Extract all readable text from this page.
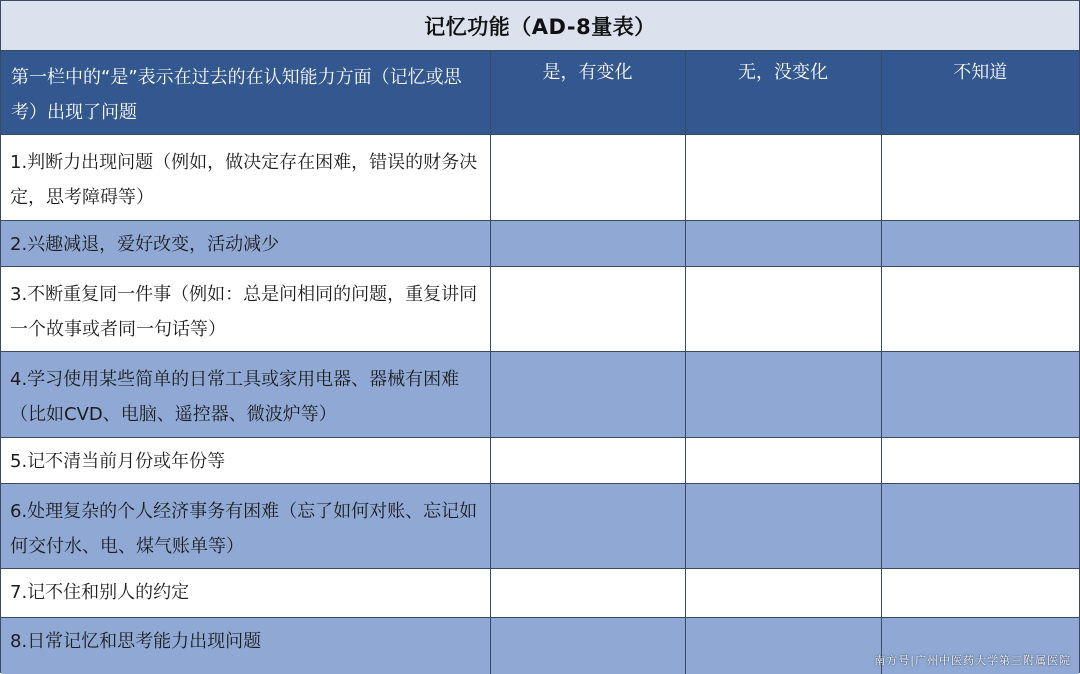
记忆功能（AD-8量表）
第一栏中的“是”表示在过去的在认知能力方面（记忆或思考）出现了问题	是，有变化	无，没变化	不知道

1.判断力出现问题（例如，做决定存在困难，错误的财务决定，思考障碍等）			

2.兴趣减退，爱好改变，活动减少			

3.不断重复同一件事（例如：总是问相同的问题，重复讲同一个故事或者同一句话等）			

4.学习使用某些简单的日常工具或家用电器、器械有困难（比如CVD、电脑、遥控器、微波炉等）			

5.记不清当前月份或年份等			

6.处理复杂的个人经济事务有困难（忘了如何对账、忘记如何交付水、电、煤气账单等）			

7.记不住和别人的约定			

8.日常记忆和思考能力出现问题			

南方号|广州中医药大学第三附属医院
